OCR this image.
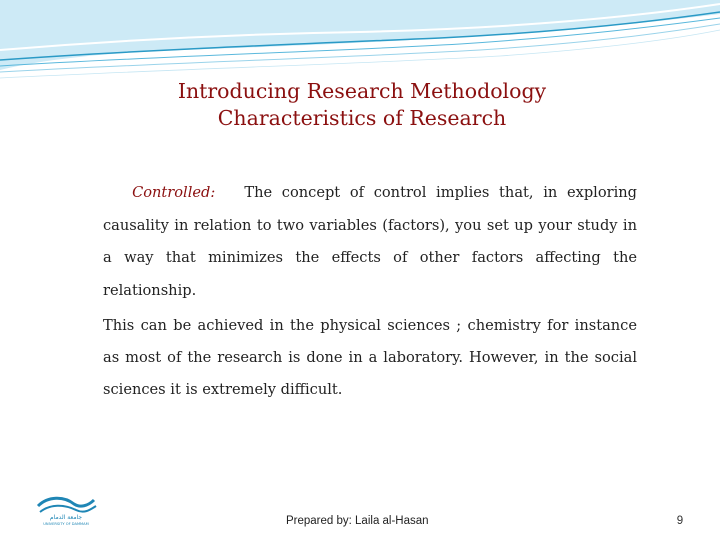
Introducing Research Methodology
Characteristics of Research
Controlled: The concept of control implies that, in exploring causality in relation to two variables (factors), you set up your study in a way that minimizes the effects of other factors affecting the relationship.
This can be achieved in the physical sciences ; chemistry for instance as most of the research is done in a laboratory. However, in the social sciences it is extremely difficult.
جامعة الدمام
UNIVERSITY OF DAMMAM	Prepared by: Laila al-Hasan	9
